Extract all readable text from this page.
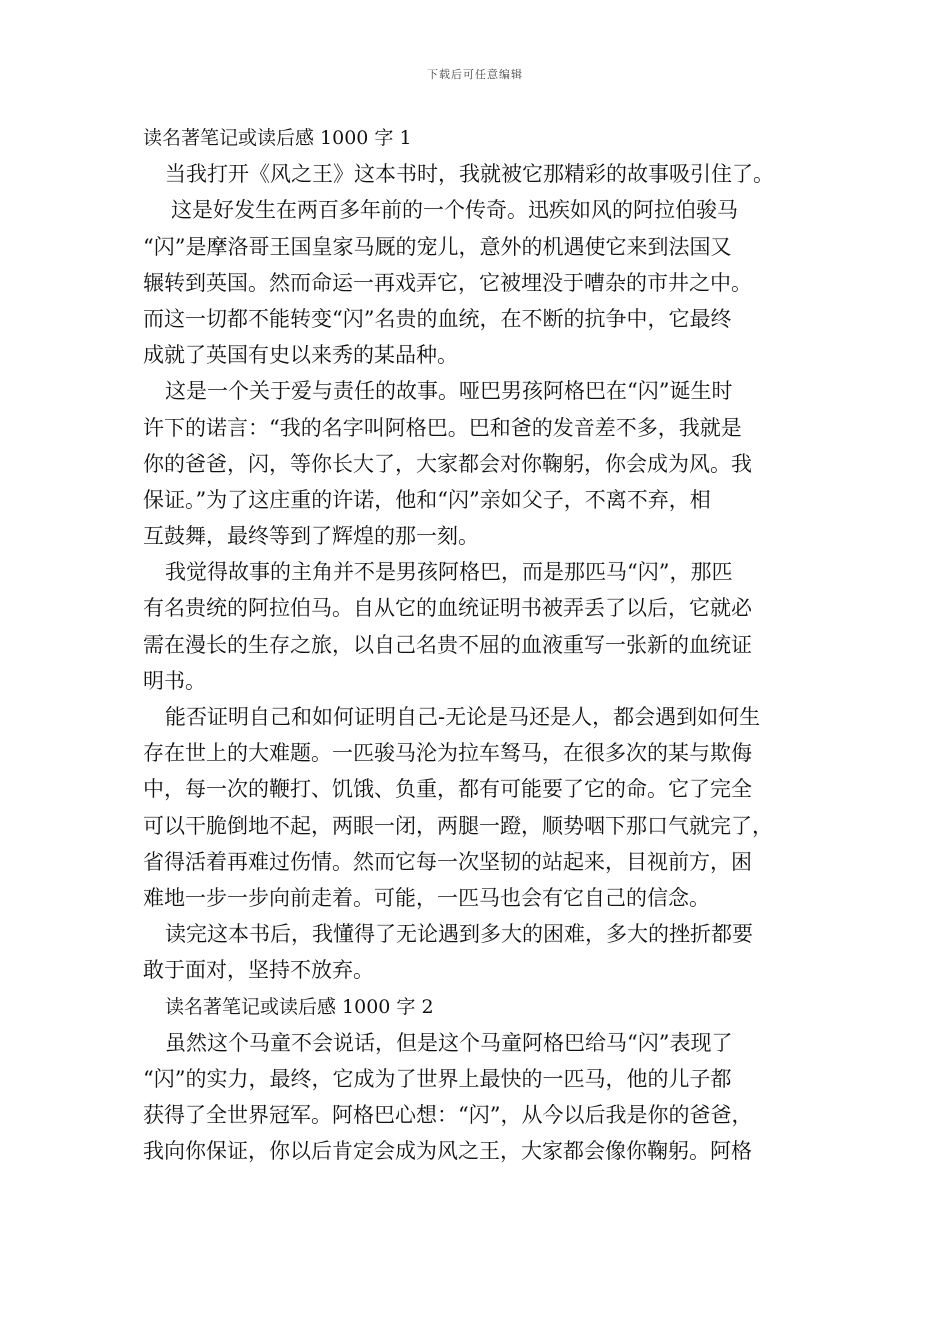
下载后可任意编辑
读名著笔记或读后感 1000 字 1
当我打开《风之王》这本书时，我就被它那精彩的故事吸引住了。
这是好发生在两百多年前的一个传奇。迅疾如风的阿拉伯骏马
“闪”是摩洛哥王国皇家马厩的宠儿，意外的机遇使它来到法国又
辗转到英国。然而命运一再戏弄它，它被埋没于嘈杂的市井之中。
而这一切都不能转变“闪”名贵的血统，在不断的抗争中，它最终
成就了英国有史以来秀的某品种。
这是一个关于爱与责任的故事。哑巴男孩阿格巴在“闪”诞生时
许下的诺言：“我的名字叫阿格巴。巴和爸的发音差不多，我就是
你的爸爸，闪，等你长大了，大家都会对你鞠躬，你会成为风。我
保证。”为了这庄重的许诺，他和“闪”亲如父子，不离不弃，相
互鼓舞，最终等到了辉煌的那一刻。
我觉得故事的主角并不是男孩阿格巴，而是那匹马“闪”，那匹
有名贵统的阿拉伯马。自从它的血统证明书被弄丢了以后，它就必
需在漫长的生存之旅，以自己名贵不屈的血液重写一张新的血统证
明书。
能否证明自己和如何证明自己-无论是马还是人，都会遇到如何生
存在世上的大难题。一匹骏马沦为拉车驽马，在很多次的某与欺侮
中，每一次的鞭打、饥饿、负重，都有可能要了它的命。它了完全
可以干脆倒地不起，两眼一闭，两腿一蹬，顺势咽下那口气就完了，
省得活着再难过伤情。然而它每一次坚韧的站起来，目视前方，困
难地一步一步向前走着。可能，一匹马也会有它自己的信念。
读完这本书后，我懂得了无论遇到多大的困难，多大的挫折都要
敢于面对，坚持不放弃。
读名著笔记或读后感 1000 字 2
虽然这个马童不会说话，但是这个马童阿格巴给马“闪”表现了
“闪”的实力，最终，它成为了世界上最快的一匹马，他的儿子都
获得了全世界冠军。阿格巴心想：“闪”，从今以后我是你的爸爸，
我向你保证，你以后肯定会成为风之王，大家都会像你鞠躬。阿格
